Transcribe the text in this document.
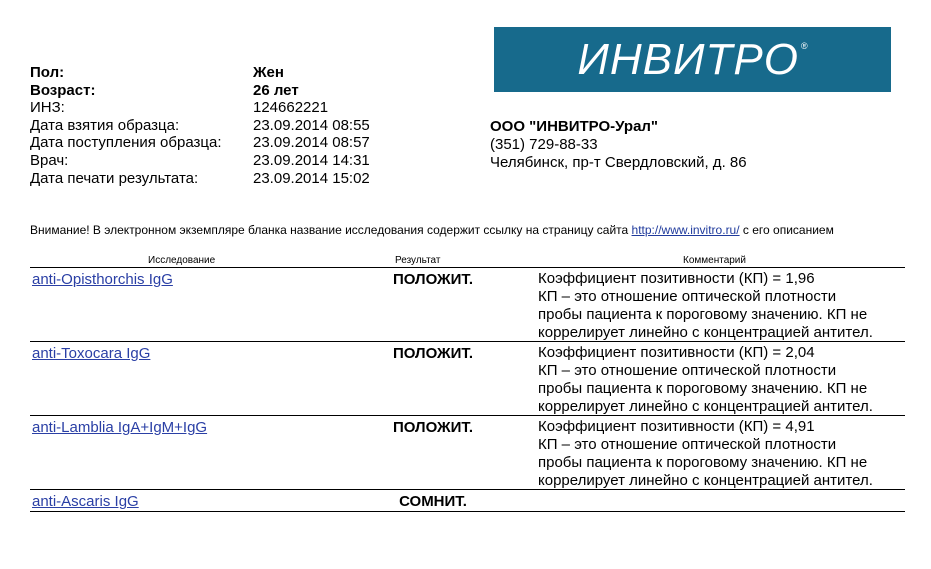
Пол:	Жен
Возраст:	26 лет
ИНЗ:	124662221
Дата взятия образца:	23.09.2014 08:55
Дата поступления образца:	23.09.2014 08:57
Врач:	23.09.2014 14:31
Дата печати результата:	23.09.2014 15:02
ИНВИТРО ®
ООО "ИНВИТРО-Урал"
(351) 729-88-33
Челябинск, пр-т Свердловский, д. 86
Внимание! В электронном экземпляре бланка название исследования содержит ссылку на страницу сайта http://www.invitro.ru/ с его описанием
Исследование	Результат	Комментарий
anti-Opisthorchis IgG	ПОЛОЖИТ.	Коэффициент позитивности (КП) = 1,96
КП – это отношение оптической плотности
пробы пациента к пороговому значению. КП не
коррелирует линейно с концентрацией антител.
anti-Toxocara IgG	ПОЛОЖИТ.	Коэффициент позитивности (КП) = 2,04
КП – это отношение оптической плотности
пробы пациента к пороговому значению. КП не
коррелирует линейно с концентрацией антител.
anti-Lamblia IgA+IgM+IgG	ПОЛОЖИТ.	Коэффициент позитивности (КП) = 4,91
КП – это отношение оптической плотности
пробы пациента к пороговому значению. КП не
коррелирует линейно с концентрацией антител.
anti-Ascaris IgG	СОМНИТ.
